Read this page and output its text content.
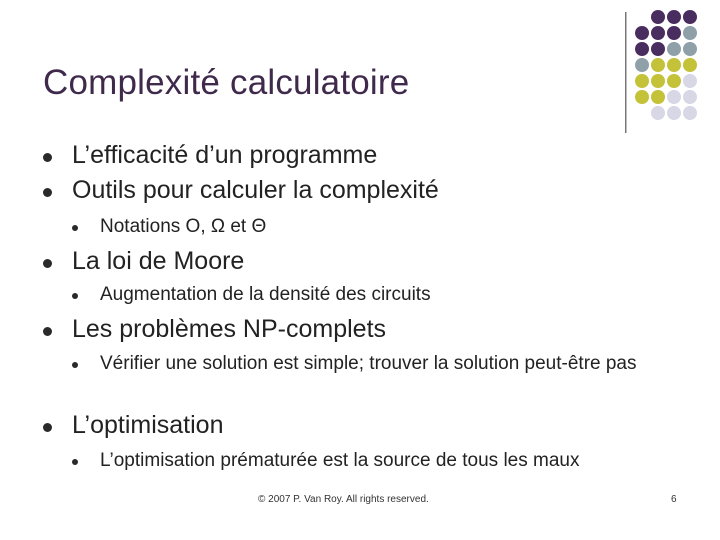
Complexité calculatoire
L’efficacité d’un programme
Outils pour calculer la complexité
Notations O, Ω et Θ
La loi de Moore
Augmentation de la densité des circuits
Les problèmes NP-complets
Vérifier une solution est simple; trouver la solution peut-être pas
L’optimisation
L’optimisation prématurée est la source de tous les maux
© 2007 P. Van Roy. All rights reserved.	6
